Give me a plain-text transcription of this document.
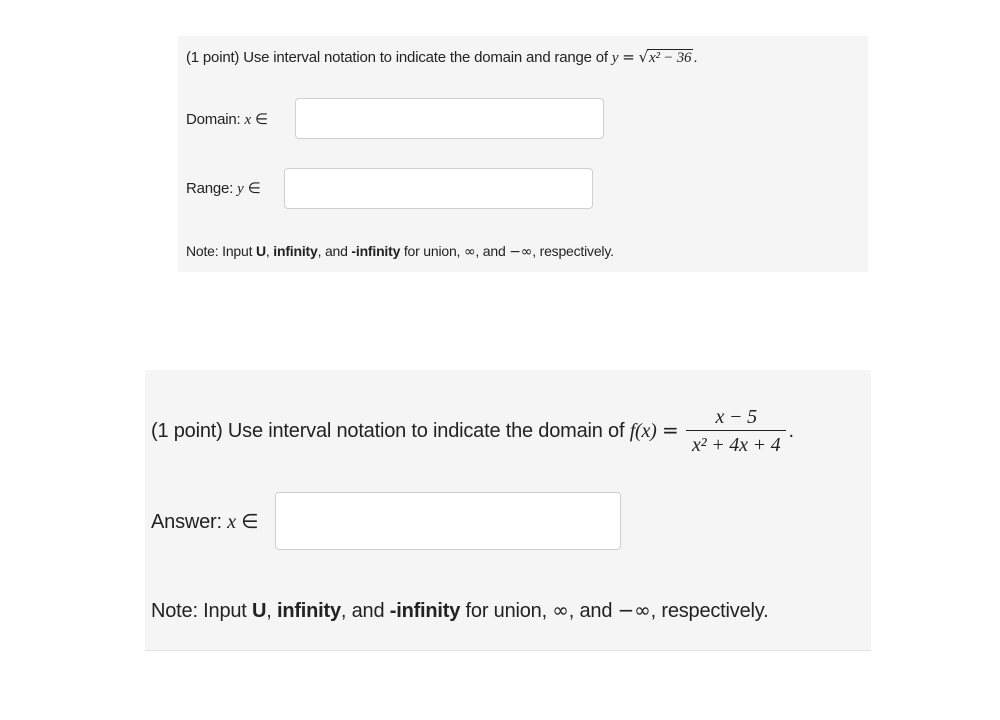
(1 point) Use interval notation to indicate the domain and range of y = √x² − 36 .
Domain: x ∈
Range: y ∈
Note: Input U, infinity, and -infinity for union, ∞, and −∞, respectively.
(1 point) Use interval notation to indicate the domain of $f(x) = \frac{x - 5}{\text{x² + 4x + 4}}$ .
Answer: x ∈
Note: Input U, infinity, and -infinity for union, ∞, and −∞, respectively.
